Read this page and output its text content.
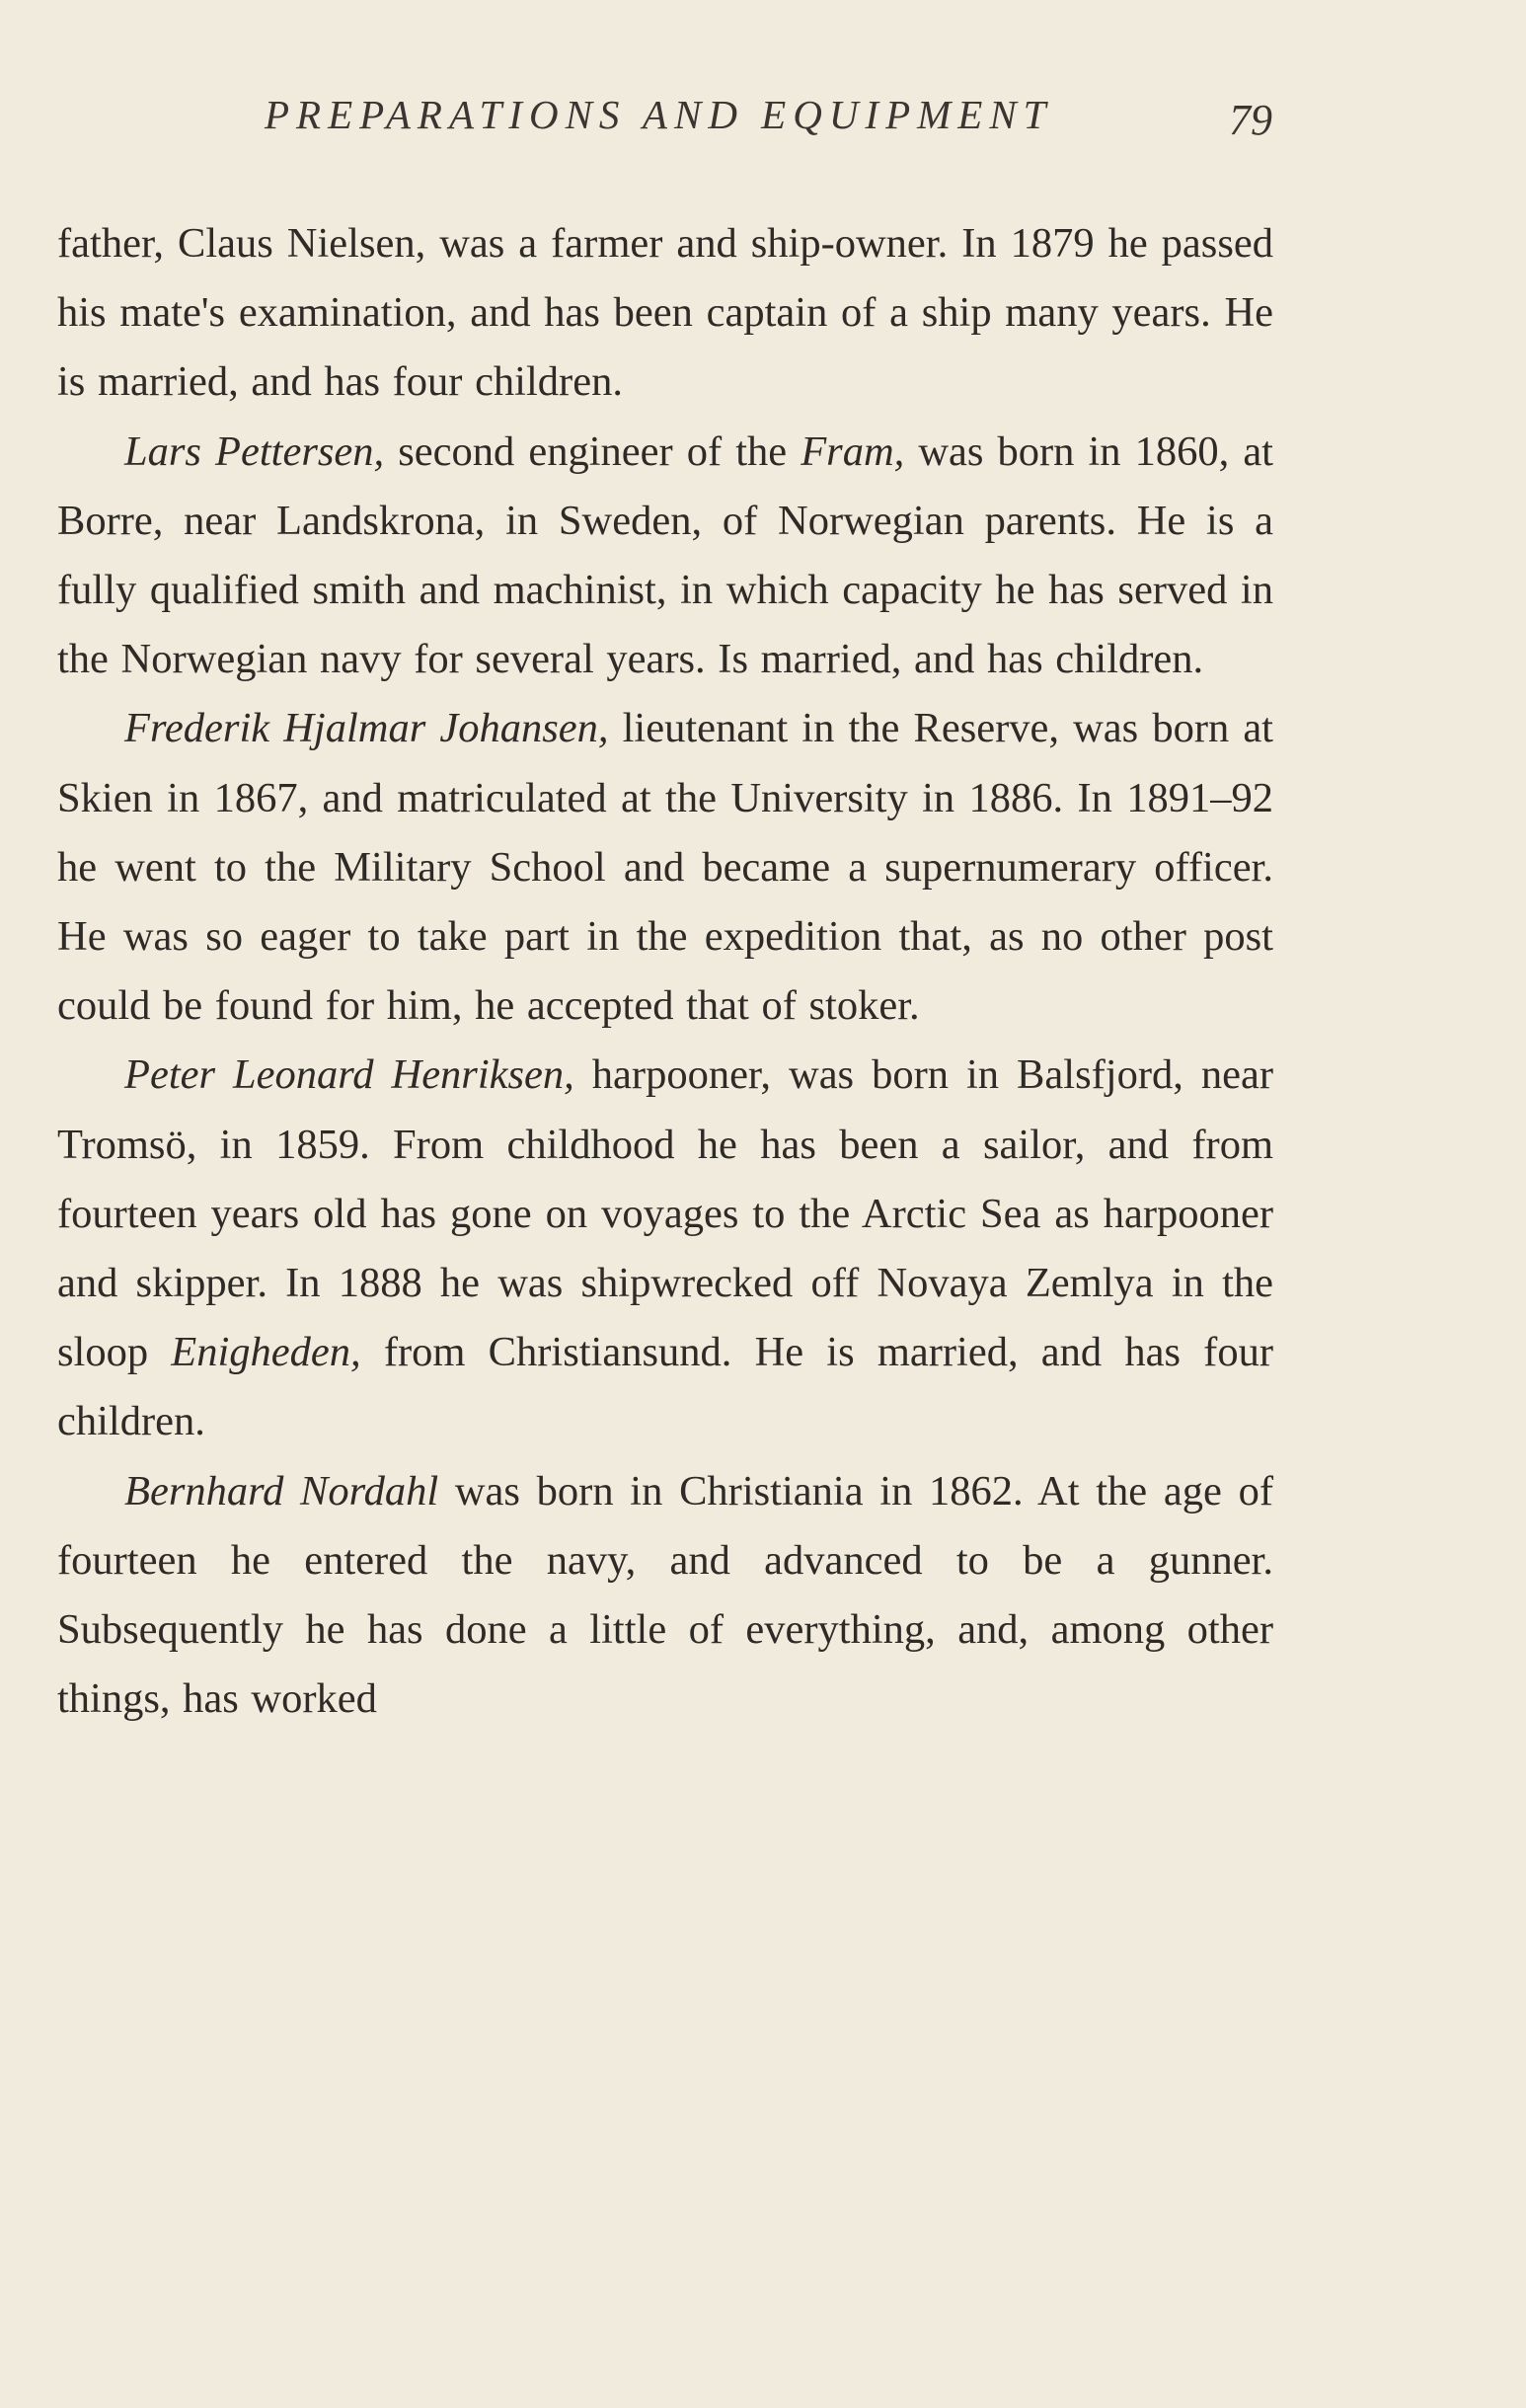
PREPARATIONS AND EQUIPMENT	79

father, Claus Nielsen, was a farmer and ship-owner. In 1879 he passed his mate's examination, and has been captain of a ship many years. He is married, and has four children.

Lars Pettersen, second engineer of the Fram, was born in 1860, at Borre, near Landskrona, in Sweden, of Norwegian parents. He is a fully qualified smith and machinist, in which capacity he has served in the Norwegian navy for several years. Is married, and has children.

Frederik Hjalmar Johansen, lieutenant in the Reserve, was born at Skien in 1867, and matriculated at the University in 1886. In 1891–92 he went to the Military School and became a supernumerary officer. He was so eager to take part in the expedition that, as no other post could be found for him, he accepted that of stoker.

Peter Leonard Henriksen, harpooner, was born in Balsfjord, near Tromsö, in 1859. From childhood he has been a sailor, and from fourteen years old has gone on voyages to the Arctic Sea as harpooner and skipper. In 1888 he was shipwrecked off Novaya Zemlya in the sloop Enigheden, from Christiansund. He is married, and has four children.

Bernhard Nordahl was born in Christiania in 1862. At the age of fourteen he entered the navy, and advanced to be a gunner. Subsequently he has done a little of everything, and, among other things, has worked
